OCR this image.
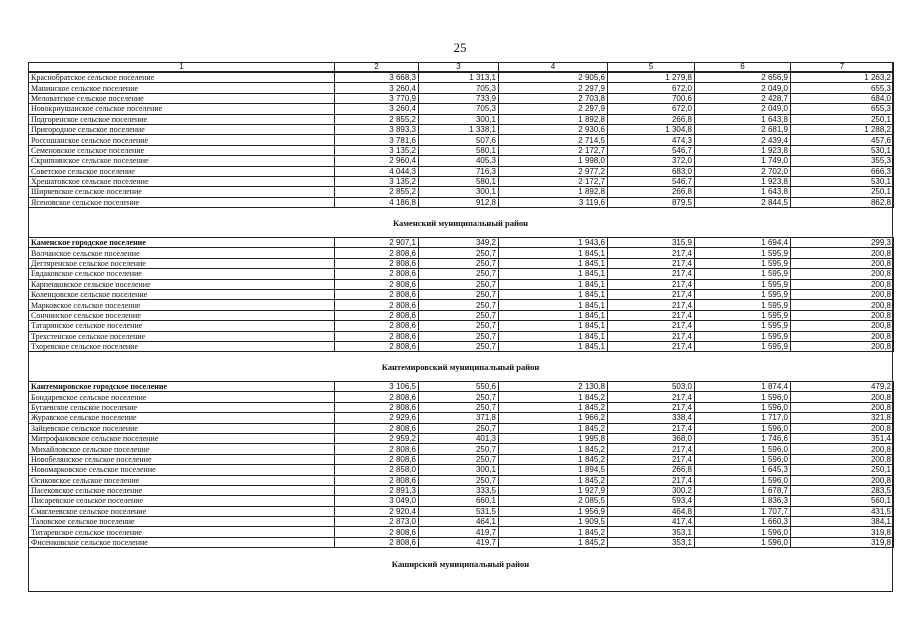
25
1	2	3	4	5	6	7
Краснобратское сельское поселение	3 668,3	1 313,1	2 905,6	1 279,8	2 656,9	1 263,2
Манинское сельское поселение	3 260,4	705,3	2 297,9	672,0	2 049,0	655,3
Меловатское сельское поселение	3 770,9	733,9	2 703,8	700,6	2 428,7	684,0
Новокриушанское сельское поселение	3 260,4	705,3	2 297,9	672,0	2 049,0	655,3
Подгоренское сельское поселение	2 855,2	300,1	1 892,8	266,8	1 643,8	250,1
Пригородное сельское поселение	3 893,3	1 338,1	2 930,6	1 304,8	2 681,9	1 288,2
Россошанское сельское поселение	3 781,6	507,6	2 714,5	474,3	2 439,4	457,6
Семеновское сельское поселение	3 135,2	580,1	2 172,7	546,7	1 923,8	530,1
Скрипнянское сельское поселение	2 960,4	405,3	1 998,0	372,0	1 749,0	355,3
Советское сельское поселение	4 044,3	716,3	2 977,2	683,0	2 702,0	666,3
Хрешатовское сельское поселение	3 135,2	580,1	2 172,7	546,7	1 923,8	530,1
Ширяевское сельское поселение	2 855,2	300,1	1 892,8	266,8	1 643,8	250,1
Ясеновское сельское поселение	4 186,8	912,8	3 119,6	879,5	2 844,5	862,8
Каменский муниципальный район
Каменское городское поселение	2 907,1	349,2	1 943,6	315,9	1 694,4	299,3
Волчанское сельское поселение	2 808,6	250,7	1 845,1	217,4	1 595,9	200,8
Дегтяренское сельское поселение	2 808,6	250,7	1 845,1	217,4	1 595,9	200,8
Евдаковское сельское поселение	2 808,6	250,7	1 845,1	217,4	1 595,9	200,8
Карпенковское сельское поселение	2 808,6	250,7	1 845,1	217,4	1 595,9	200,8
Коленцовское сельское поселение	2 808,6	250,7	1 845,1	217,4	1 595,9	200,8
Марковское сельское поселение	2 808,6	250,7	1 845,1	217,4	1 595,9	200,8
Сончинское сельское поселение	2 808,6	250,7	1 845,1	217,4	1 595,9	200,8
Татаринское сельское поселение	2 808,6	250,7	1 845,1	217,4	1 595,9	200,8
Трехстенское сельское поселение	2 808,6	250,7	1 845,1	217,4	1 595,9	200,8
Тхоревское сельское поселение	2 808,6	250,7	1 845,1	217,4	1 595,9	200,8
Кантемировский муниципальный район
Кантемировское городское поселение	3 106,5	550,6	2 130,8	503,0	1 874,4	479,2
Бондаревское сельское поселение	2 808,6	250,7	1 845,2	217,4	1 596,0	200,8
Бугаевское сельское поселение	2 808,6	250,7	1 845,2	217,4	1 596,0	200,8
Журавское сельское поселение	2 929,6	371,8	1 966,2	338,4	1 717,0	321,8
Зайцевское сельское поселение	2 808,6	250,7	1 845,2	217,4	1 596,0	200,8
Митрофановское сельское поселение	2 959,2	401,3	1 995,8	368,0	1 746,6	351,4
Михайловское сельское поселение	2 808,6	250,7	1 845,2	217,4	1 596,0	200,8
Новобелянское сельское поселение	2 808,6	250,7	1 845,2	217,4	1 596,0	200,8
Новомарковское сельское поселение	2 858,0	300,1	1 894,5	266,8	1 645,3	250,1
Осиковское сельское поселение	2 808,6	250,7	1 845,2	217,4	1 596,0	200,8
Пасековское сельское поселение	2 891,3	333,5	1 927,9	300,2	1 678,7	283,5
Писаревское сельское поселение	3 049,0	660,1	2 085,5	593,4	1 836,3	560,1
Смаглеевское сельское поселение	2 920,4	531,5	1 956,9	464,8	1 707,7	431,5
Таловское сельское поселение	2 873,0	464,1	1 909,5	417,4	1 660,3	384,1
Титаревское сельское поселение	2 808,6	419,7	1 845,2	353,1	1 596,0	319,8
Фисенковское сельское поселение	2 808,6	419,7	1 845,2	353,1	1 596,0	319,8
Каширский муниципальный район
